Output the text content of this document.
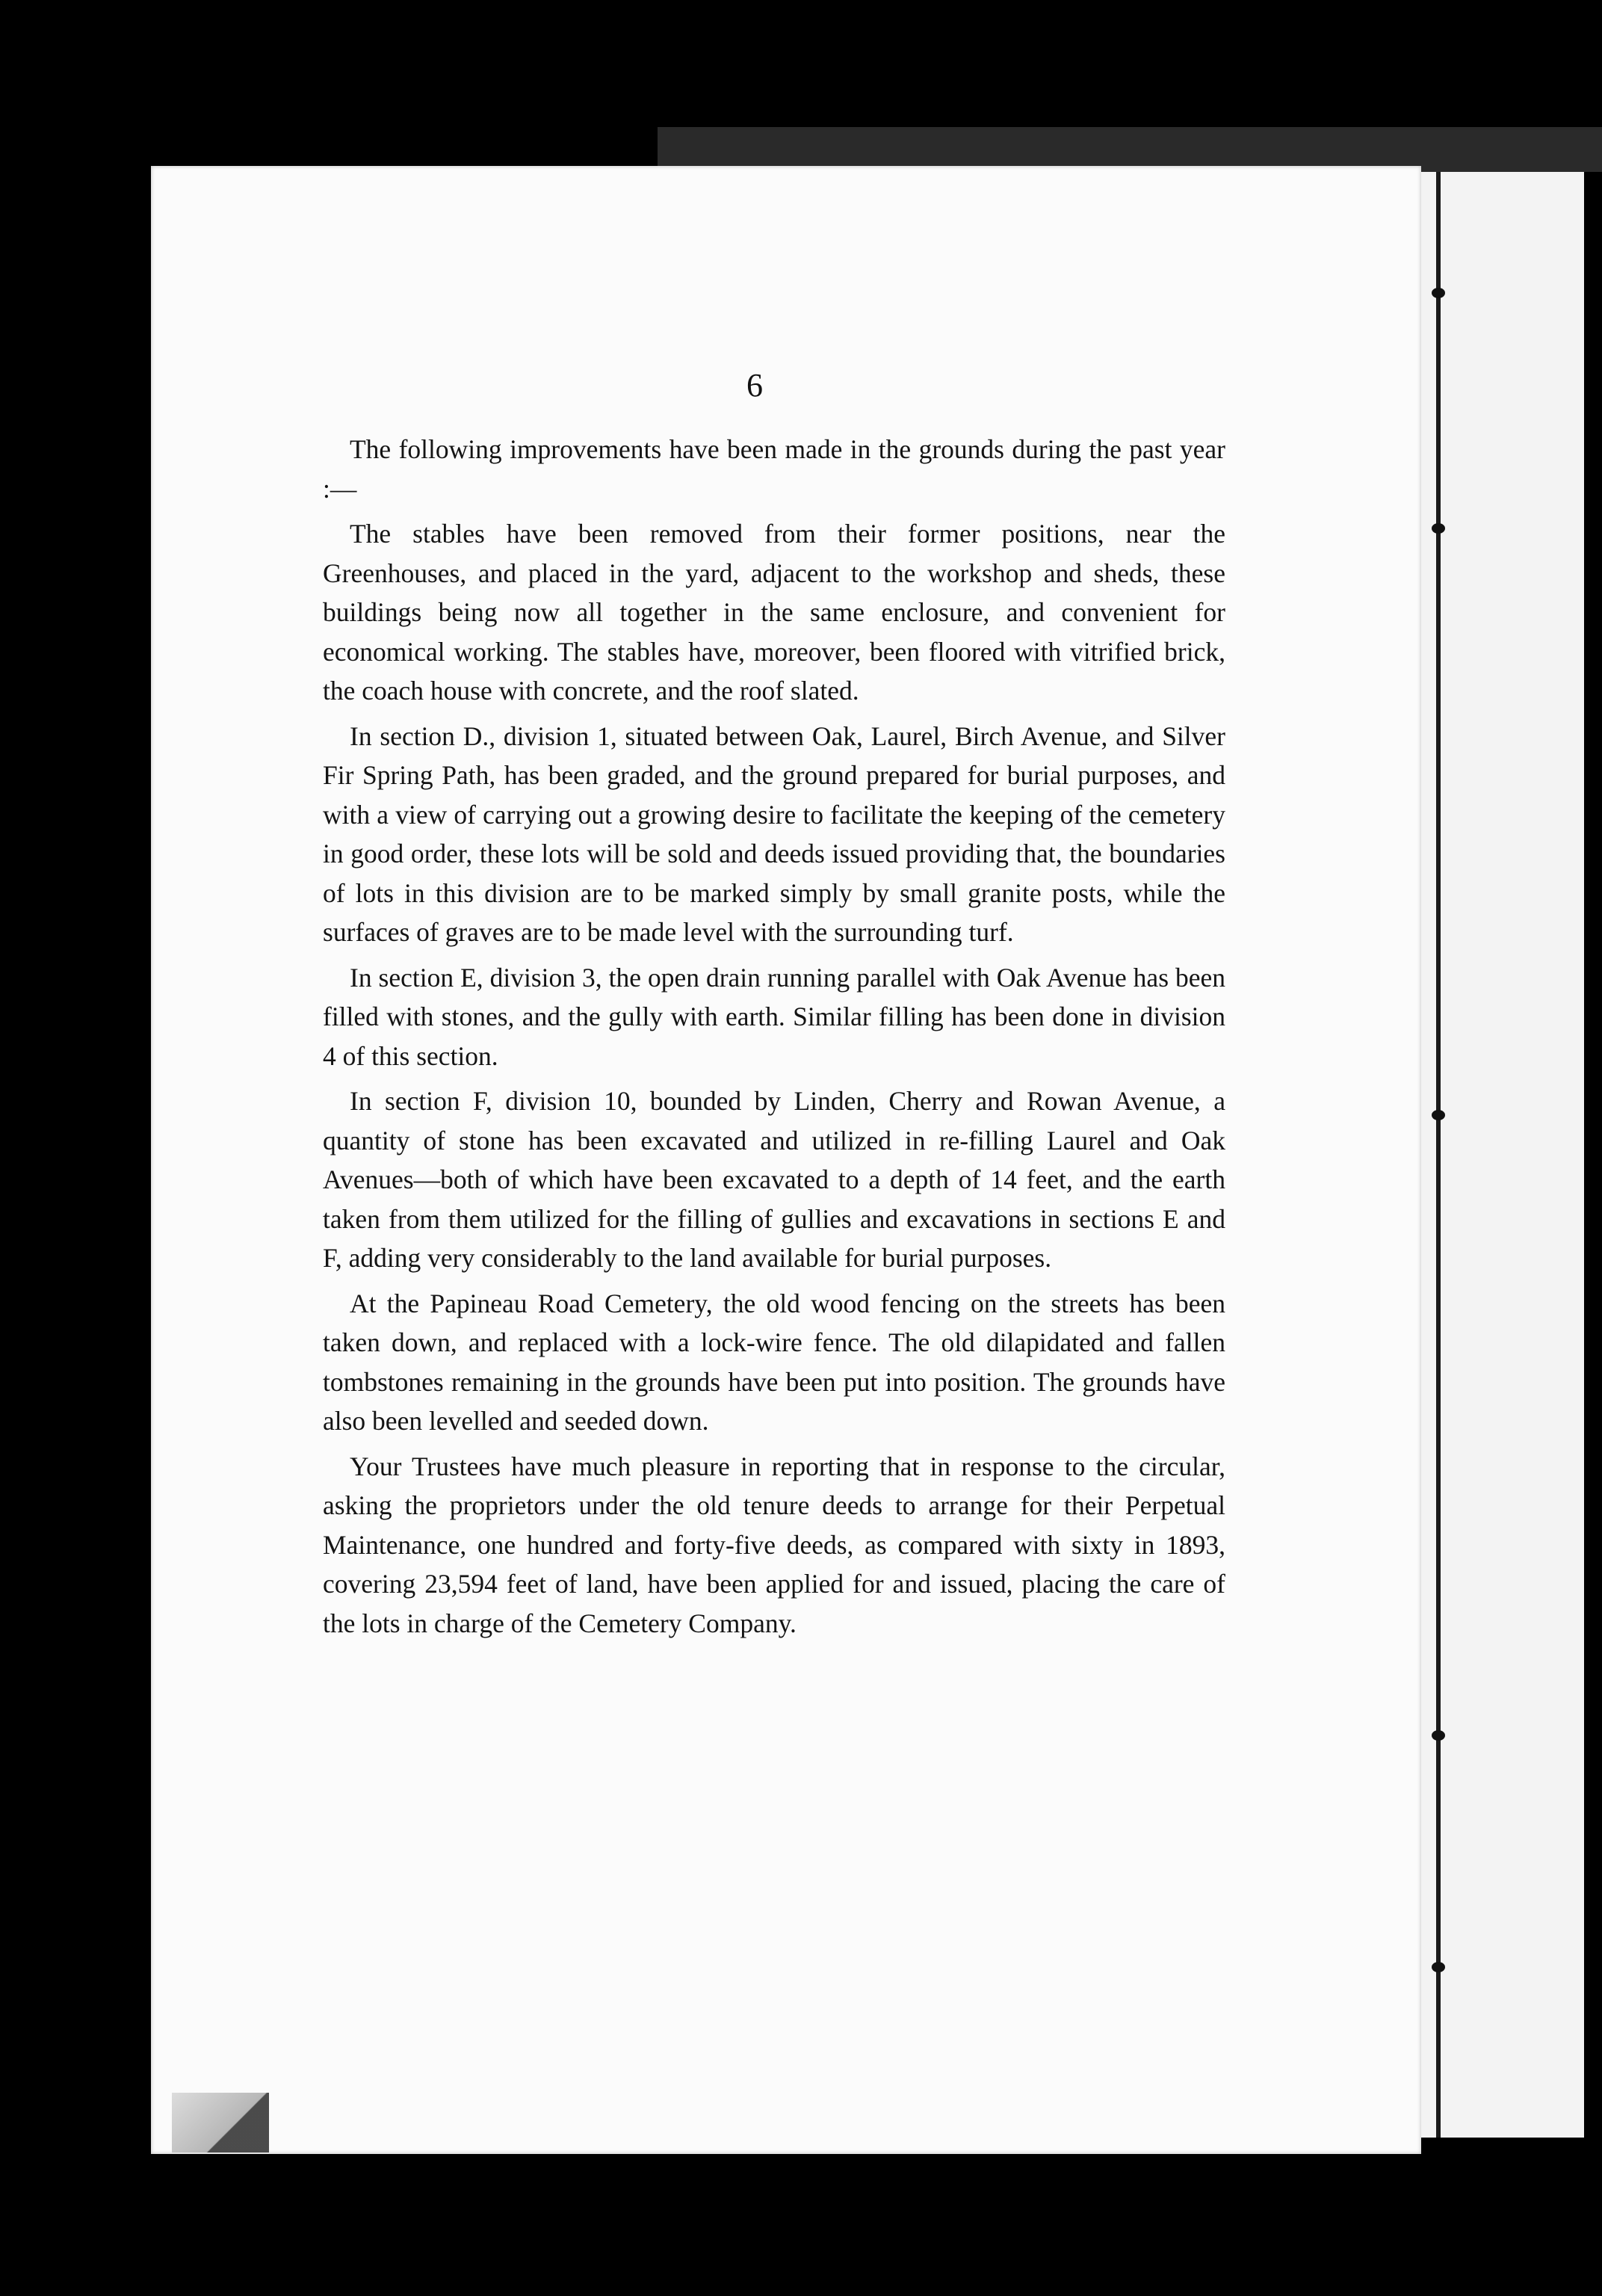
6

The following improvements have been made in the grounds during the past year :—

The stables have been removed from their former positions, near the Greenhouses, and placed in the yard, adjacent to the workshop and sheds, these buildings being now all together in the same enclosure, and convenient for economical working. The stables have, moreover, been floored with vitrified brick, the coach house with concrete, and the roof slated.

In section D., division 1, situated between Oak, Laurel, Birch Avenue, and Silver Fir Spring Path, has been graded, and the ground prepared for burial purposes, and with a view of carrying out a growing desire to facilitate the keeping of the cemetery in good order, these lots will be sold and deeds issued providing that, the boundaries of lots in this division are to be marked simply by small granite posts, while the surfaces of graves are to be made level with the surrounding turf.

In section E, division 3, the open drain running parallel with Oak Avenue has been filled with stones, and the gully with earth. Similar filling has been done in division 4 of this section.

In section F, division 10, bounded by Linden, Cherry and Rowan Avenue, a quantity of stone has been excavated and utilized in re-filling Laurel and Oak Avenues—both of which have been excavated to a depth of 14 feet, and the earth taken from them utilized for the filling of gullies and excavations in sections E and F, adding very considerably to the land available for burial purposes.

At the Papineau Road Cemetery, the old wood fencing on the streets has been taken down, and replaced with a lock-wire fence. The old dilapidated and fallen tombstones remaining in the grounds have been put into position. The grounds have also been levelled and seeded down.

Your Trustees have much pleasure in reporting that in response to the circular, asking the proprietors under the old tenure deeds to arrange for their Perpetual Maintenance, one hundred and forty-five deeds, as compared with sixty in 1893, covering 23,594 feet of land, have been applied for and issued, placing the care of the lots in charge of the Cemetery Company.
